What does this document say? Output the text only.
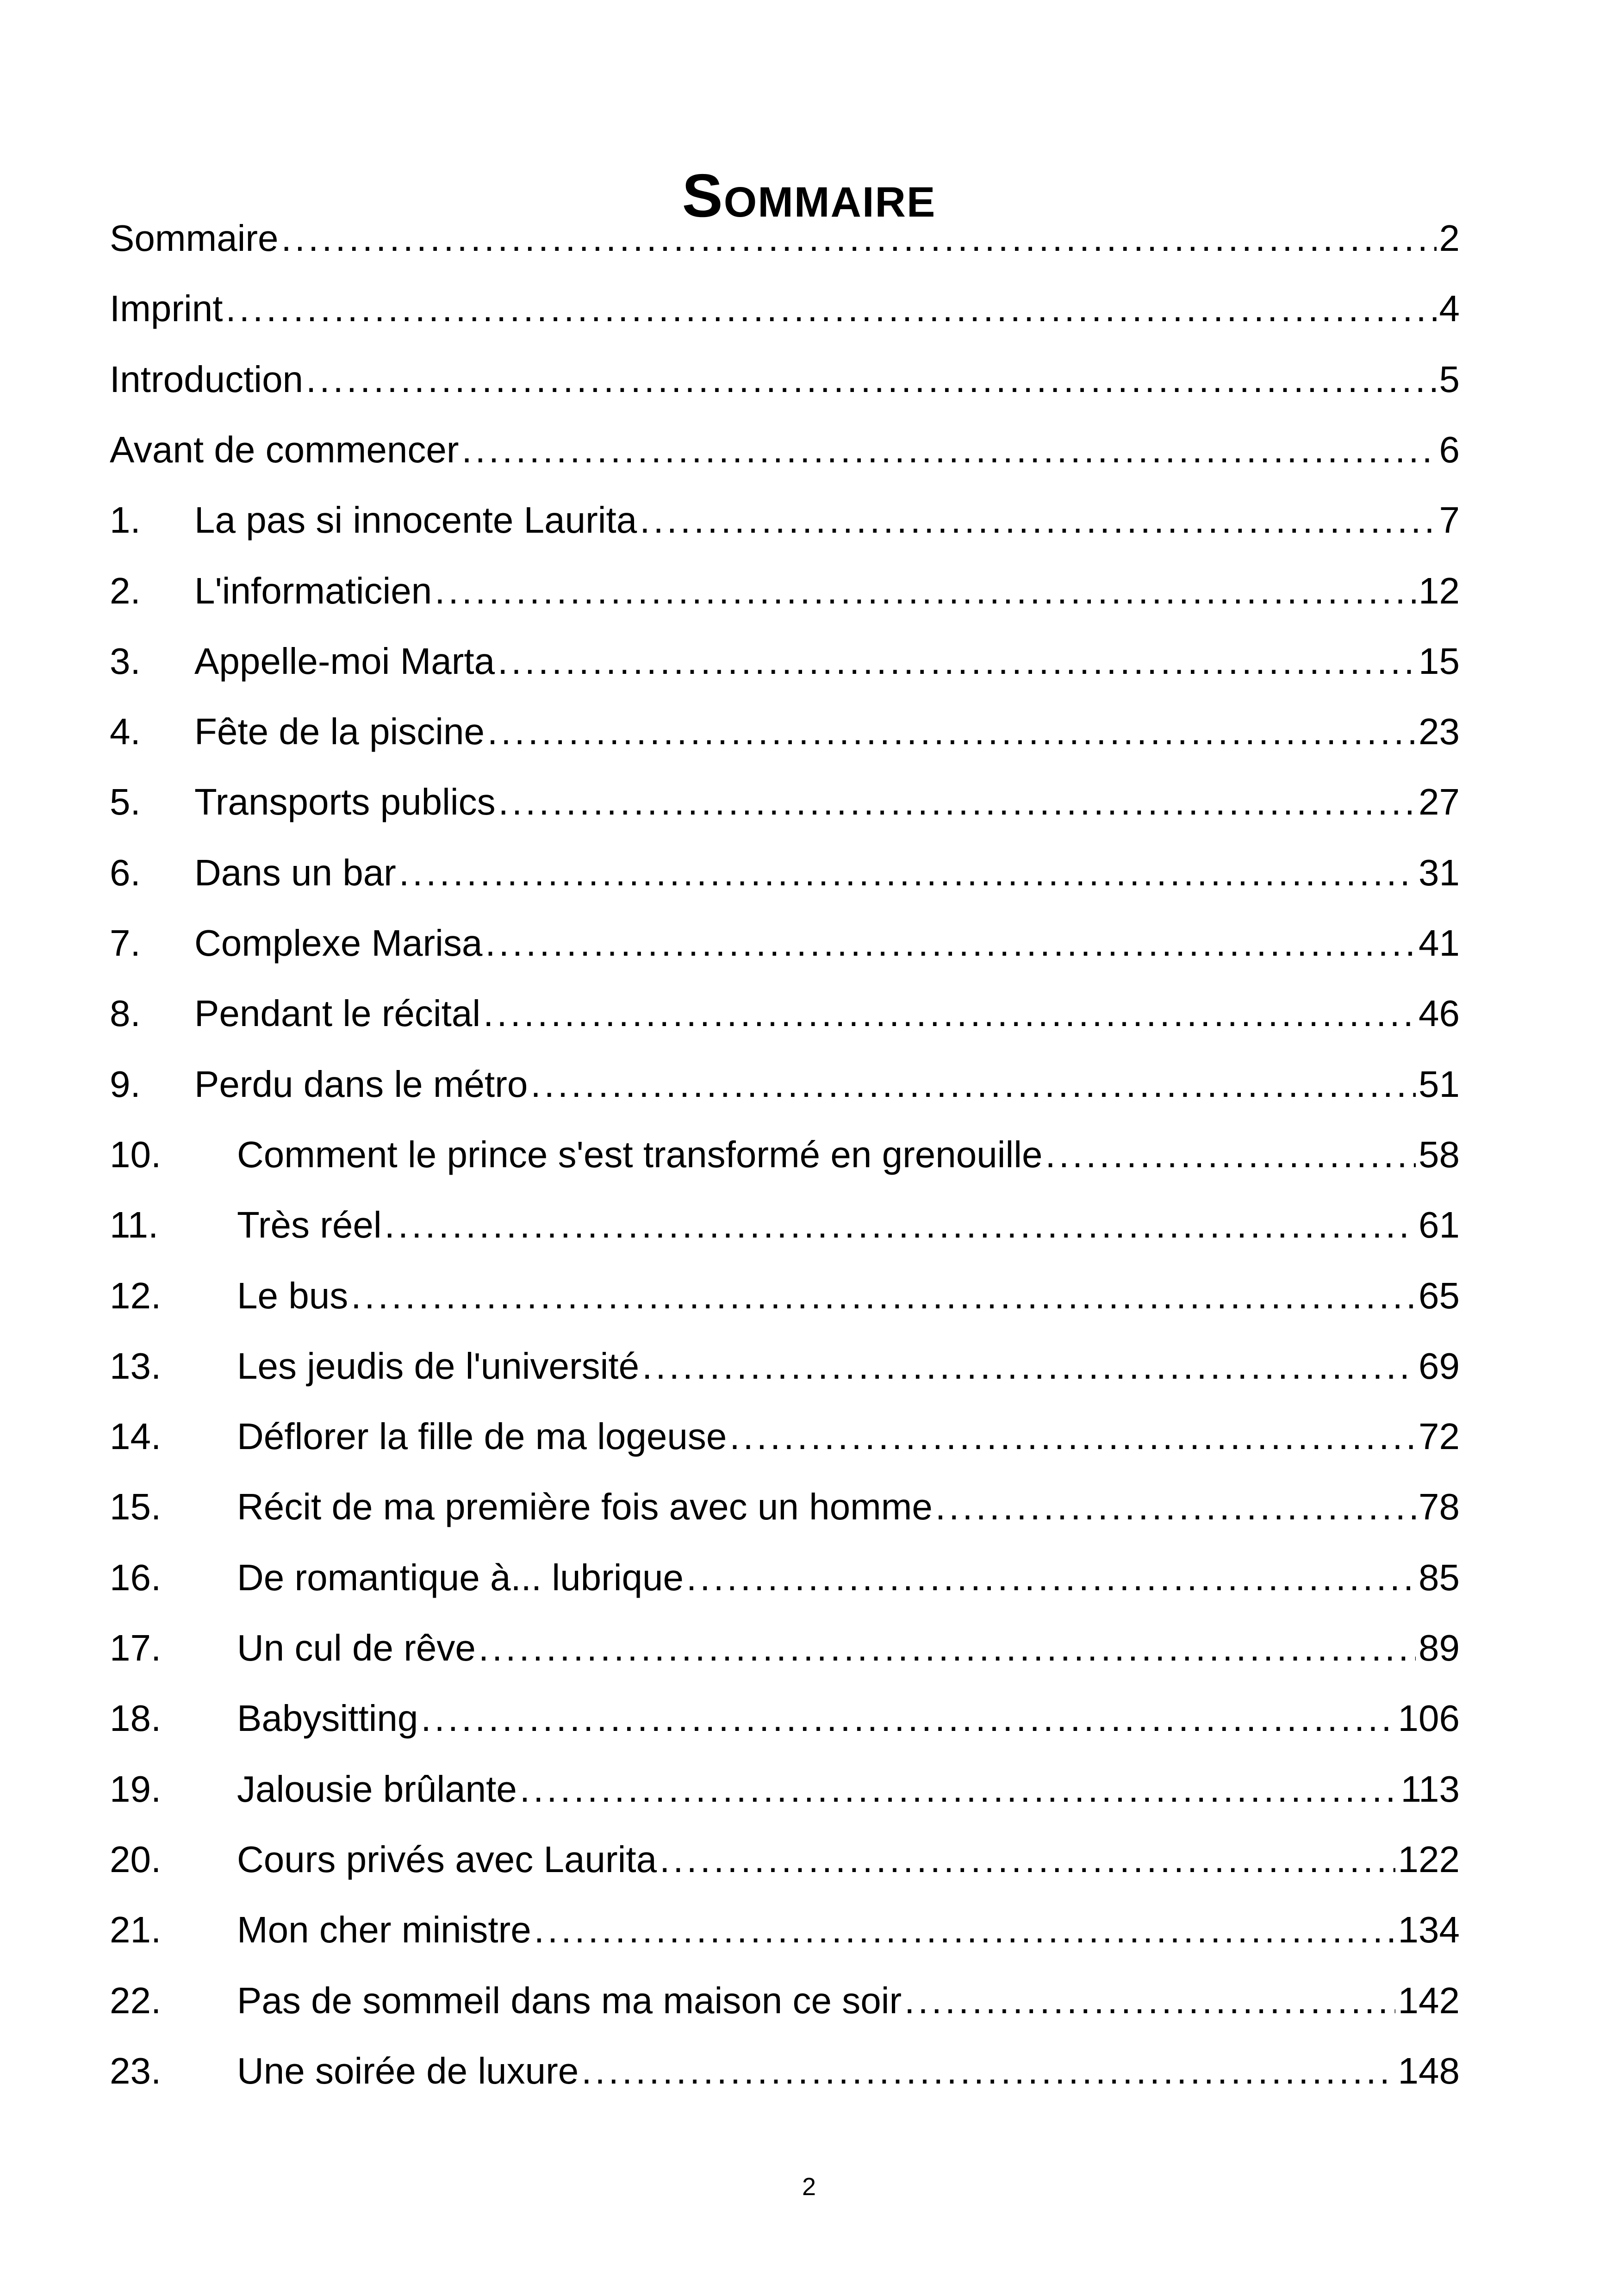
Sommaire
Sommaire .....	2
Imprint .....	4
Introduction .....	5
Avant de commencer .....	6
1.	La pas si innocente Laurita .....	7
2.	L'informaticien .....	12
3.	Appelle-moi Marta .....	15
4.	Fête de la piscine .....	23
5.	Transports publics .....	27
6.	Dans un bar .....	31
7.	Complexe Marisa .....	41
8.	Pendant le récital .....	46
9.	Perdu dans le métro .....	51
10.	Comment le prince s'est transformé en grenouille .....	58
11.	Très réel .....	61
12.	Le bus .....	65
13.	Les jeudis de l'université .....	69
14.	Déflorer la fille de ma logeuse .....	72
15.	Récit de ma première fois avec un homme .....	78
16.	De romantique à... lubrique .....	85
17.	Un cul de rêve .....	89
18.	Babysitting .....	106
19.	Jalousie brûlante .....	113
20.	Cours privés avec Laurita .....	122
21.	Mon cher ministre .....	134
22.	Pas de sommeil dans ma maison ce soir .....	142
23.	Une soirée de luxure .....	148
2
